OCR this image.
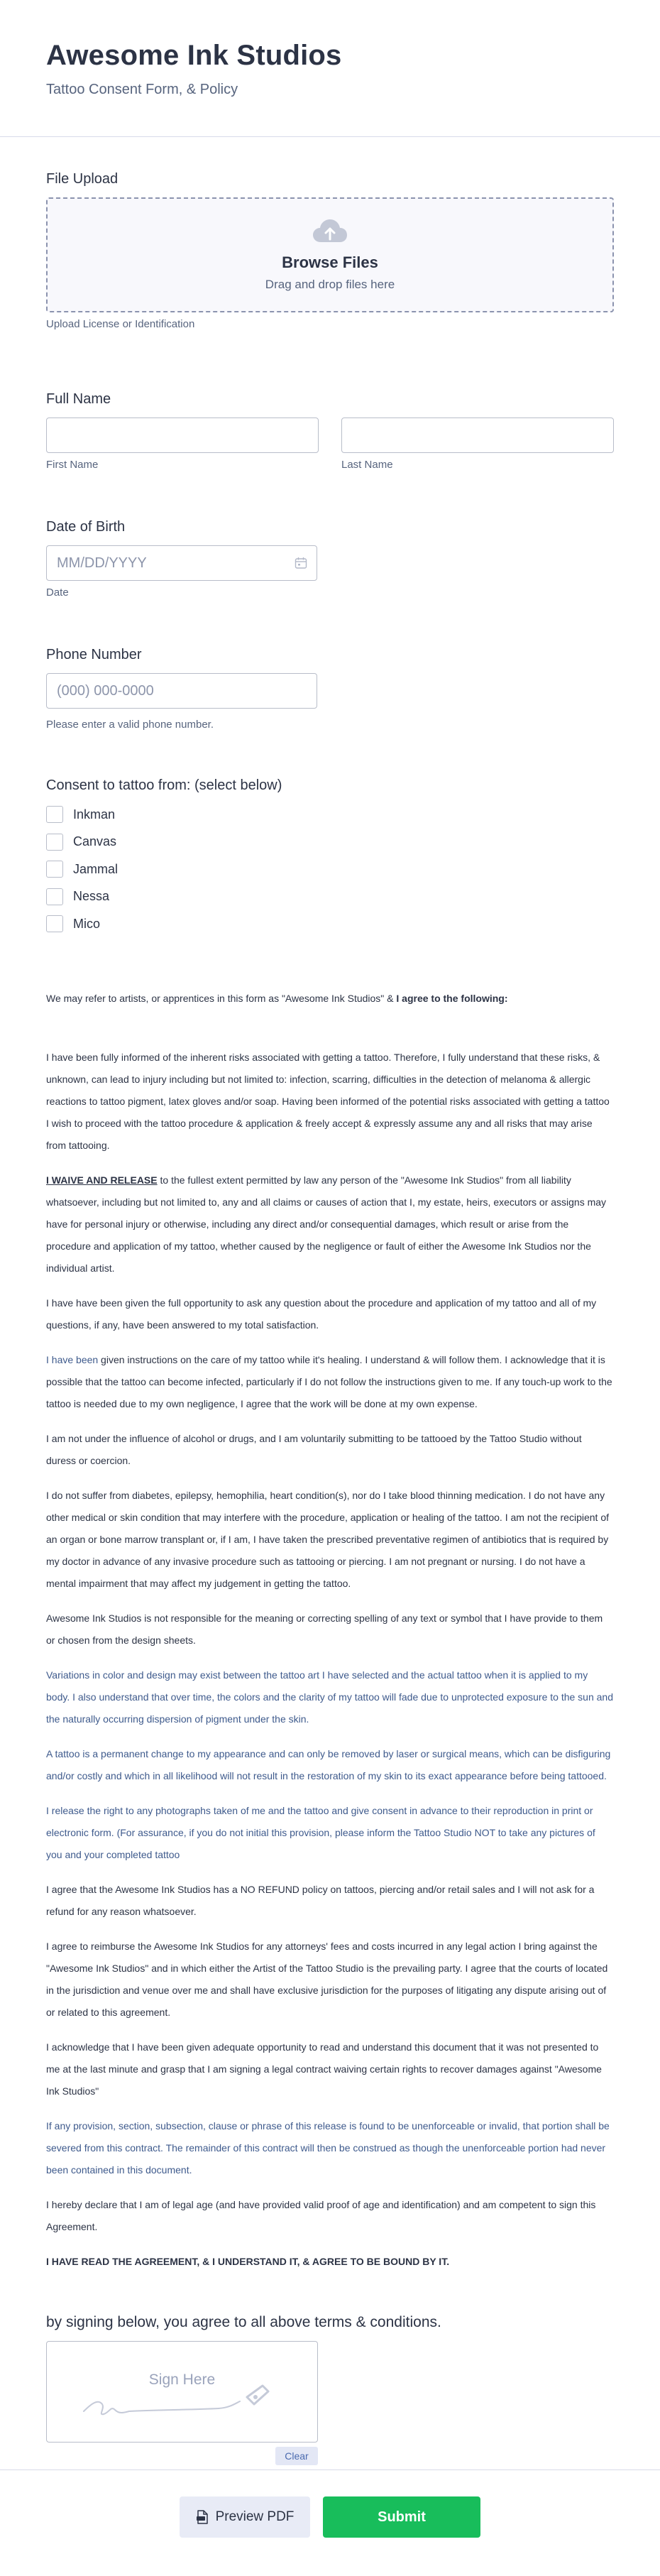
Awesome Ink Studios
Tattoo Consent Form, & Policy
File Upload
Browse Files
Drag and drop files here
Upload License or Identification
Full Name
First Name	Last Name
Date of Birth
MM/DD/YYYY
Date
Phone Number
(000) 000-0000
Please enter a valid phone number.
Consent to tattoo from: (select below)
Inkman
Canvas
Jammal
Nessa
Mico

We may refer to artists, or apprentices in this form as "Awesome Ink Studios" & I agree to the following:

I have been fully informed of the inherent risks associated with getting a tattoo. Therefore, I fully understand that these risks, & unknown, can lead to injury including but not limited to: infection, scarring, difficulties in the detection of melanoma & allergic reactions to tattoo pigment, latex gloves and/or soap. Having been informed of the potential risks associated with getting a tattoo I wish to proceed with the tattoo procedure & application & freely accept & expressly assume any and all risks that may arise from tattooing.

I WAIVE AND RELEASE to the fullest extent permitted by law any person of the "Awesome Ink Studios" from all liability whatsoever, including but not limited to, any and all claims or causes of action that I, my estate, heirs, executors or assigns may have for personal injury or otherwise, including any direct and/or consequential damages, which result or arise from the procedure and application of my tattoo, whether caused by the negligence or fault of either the Awesome Ink Studios nor the individual artist.

I have have been given the full opportunity to ask any question about the procedure and application of my tattoo and all of my questions, if any, have been answered to my total satisfaction.

I have been given instructions on the care of my tattoo while it's healing. I understand & will follow them. I acknowledge that it is possible that the tattoo can become infected, particularly if I do not follow the instructions given to me. If any touch-up work to the tattoo is needed due to my own negligence, I agree that the work will be done at my own expense.

I am not under the influence of alcohol or drugs, and I am voluntarily submitting to be tattooed by the Tattoo Studio without duress or coercion.

I do not suffer from diabetes, epilepsy, hemophilia, heart condition(s), nor do I take blood thinning medication. I do not have any other medical or skin condition that may interfere with the procedure, application or healing of the tattoo. I am not the recipient of an organ or bone marrow transplant or, if I am, I have taken the prescribed preventative regimen of antibiotics that is required by my doctor in advance of any invasive procedure such as tattooing or piercing. I am not pregnant or nursing. I do not have a mental impairment that may affect my judgement in getting the tattoo.

Awesome Ink Studios is not responsible for the meaning or correcting spelling of any text or symbol that I have provide to them or chosen from the design sheets.

Variations in color and design may exist between the tattoo art I have selected and the actual tattoo when it is applied to my body. I also understand that over time, the colors and the clarity of my tattoo will fade due to unprotected exposure to the sun and the naturally occurring dispersion of pigment under the skin.

A tattoo is a permanent change to my appearance and can only be removed by laser or surgical means, which can be disfiguring and/or costly and which in all likelihood will not result in the restoration of my skin to its exact appearance before being tattooed.

I release the right to any photographs taken of me and the tattoo and give consent in advance to their reproduction in print or electronic form. (For assurance, if you do not initial this provision, please inform the Tattoo Studio NOT to take any pictures of you and your completed tattoo

I agree that the Awesome Ink Studios has a NO REFUND policy on tattoos, piercing and/or retail sales and I will not ask for a refund for any reason whatsoever.

I agree to reimburse the Awesome Ink Studios for any attorneys' fees and costs incurred in any legal action I bring against the "Awesome Ink Studios" and in which either the Artist of the Tattoo Studio is the prevailing party. I agree that the courts of located in the jurisdiction and venue over me and shall have exclusive jurisdiction for the purposes of litigating any dispute arising out of or related to this agreement.

I acknowledge that I have been given adequate opportunity to read and understand this document that it was not presented to me at the last minute and grasp that I am signing a legal contract waiving certain rights to recover damages against "Awesome Ink Studios"

If any provision, section, subsection, clause or phrase of this release is found to be unenforceable or invalid, that portion shall be severed from this contract. The remainder of this contract will then be construed as though the unenforceable portion had never been contained in this document.

I hereby declare that I am of legal age (and have provided valid proof of age and identification) and am competent to sign this Agreement.

I HAVE READ THE AGREEMENT, & I UNDERSTAND IT, & AGREE TO BE BOUND BY IT.

by signing below, you agree to all above terms & conditions.
Sign Here
Clear
Preview PDF	Submit
